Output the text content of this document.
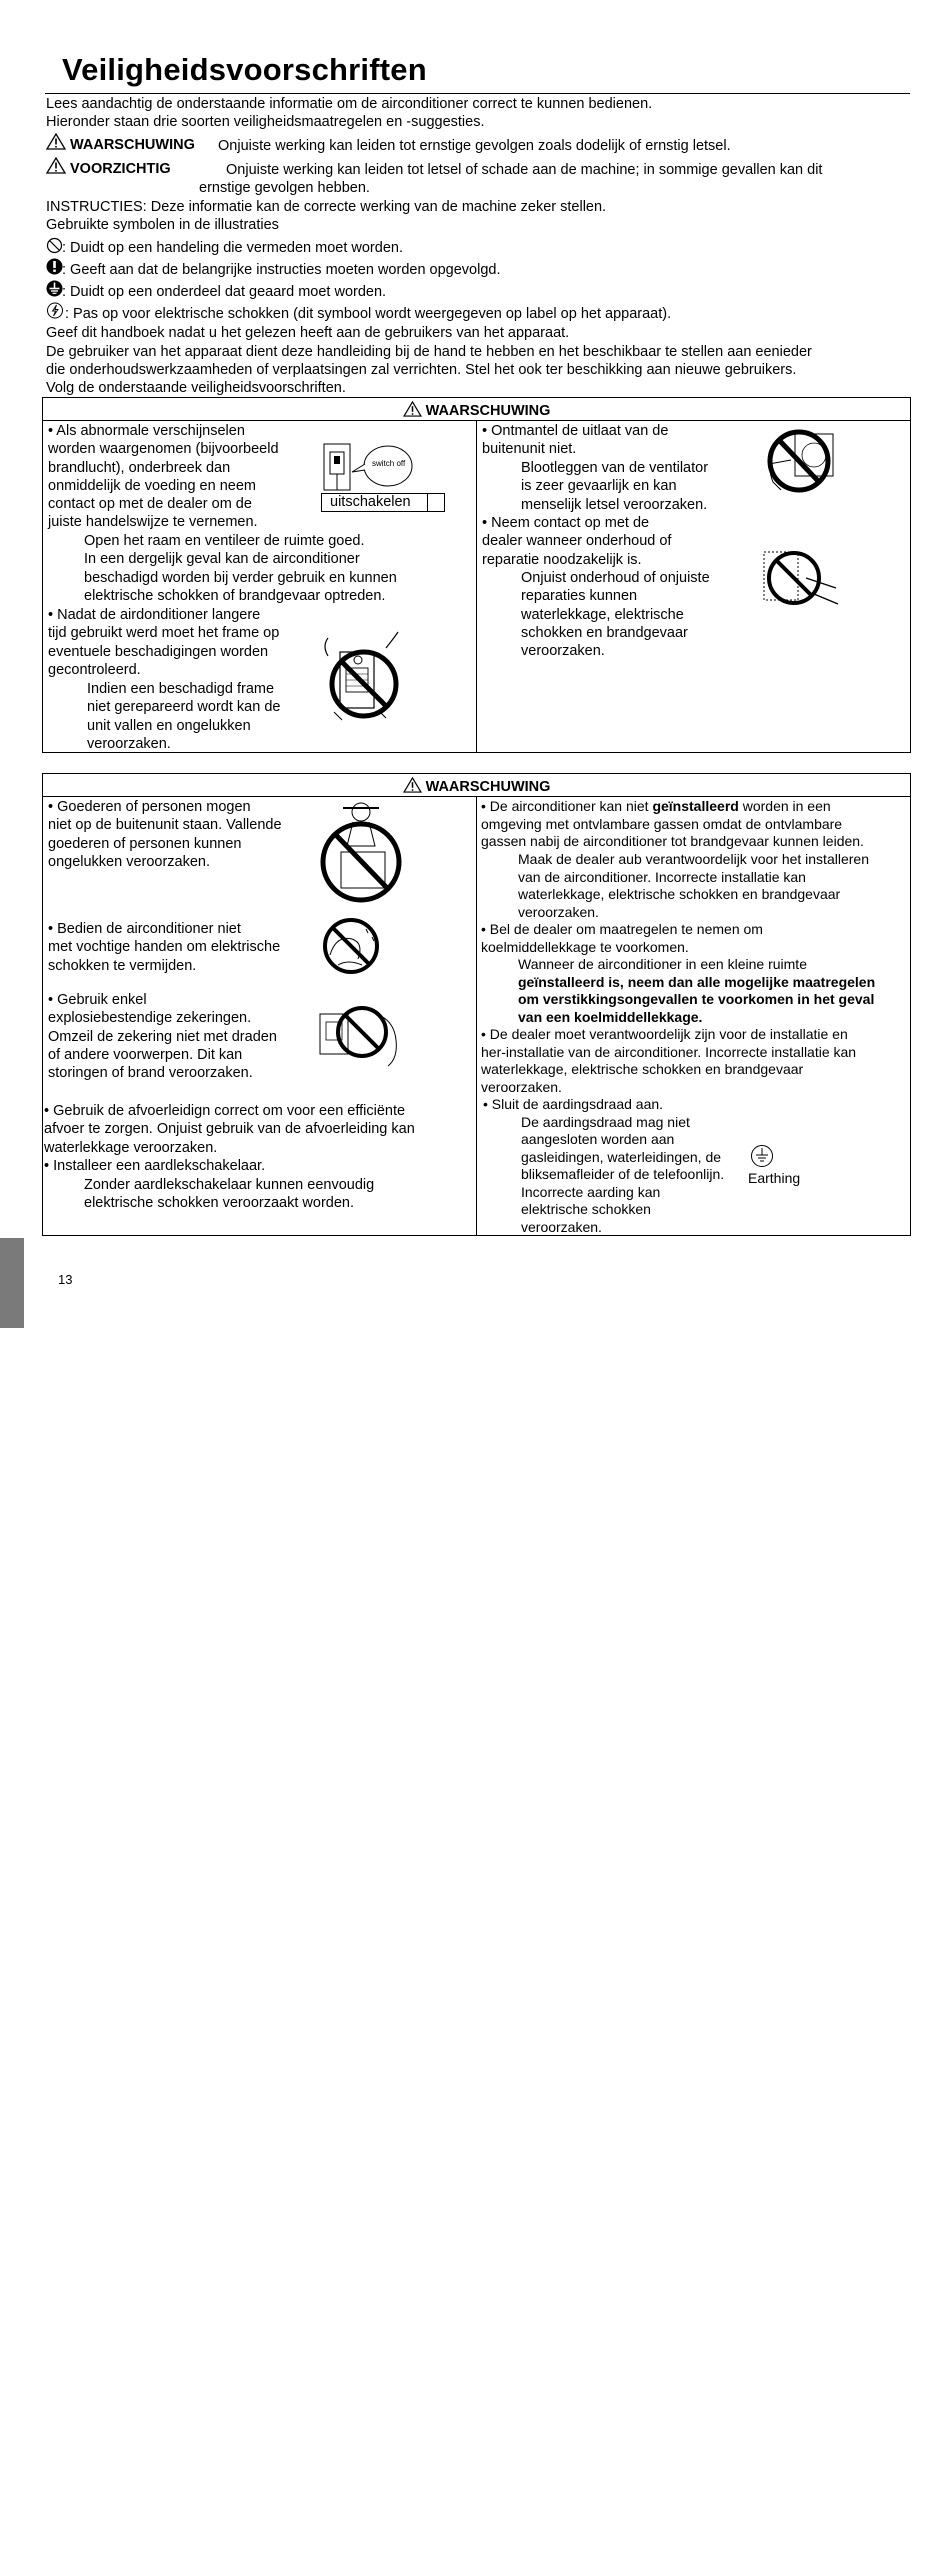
Veiligheidsvoorschriften
Lees aandachtig de onderstaande informatie om de airconditioner correct te kunnen bedienen.
Hieronder staan drie soorten veiligheidsmaatregelen en -suggesties.
WAARSCHUWING Onjuiste werking kan leiden tot ernstige gevolgen zoals dodelijk of ernstig letsel.
VOORZICHTIG	Onjuiste werking kan leiden tot letsel of schade aan de machine; in sommige gevallen kan dit
ernstige gevolgen hebben.
INSTRUCTIES: Deze informatie kan de correcte werking van de machine zeker stellen.
Gebruikte symbolen in de illustraties
: Duidt op een handeling die vermeden moet worden.
: Geeft aan dat de belangrijke instructies moeten worden opgevolgd.
: Duidt op een onderdeel dat geaard moet worden.
: Pas op voor elektrische schokken (dit symbool wordt weergegeven op label op het apparaat).
Geef dit handboek nadat u het gelezen heeft aan de gebruikers van het apparaat.
De gebruiker van het apparaat dient deze handleiding bij de hand te hebben en het beschikbaar te stellen aan eenieder
die onderhoudswerkzaamheden of verplaatsingen zal verrichten. Stel het ook ter beschikking aan nieuwe gebruikers.
Volg de onderstaande veiligheidsvoorschriften.
WAARSCHUWING
• Als abnormale verschijnselen
worden waargenomen (bijvoorbeeld
brandlucht), onderbreek dan
onmiddelijk de voeding en neem
contact op met de dealer om de
juiste handelswijze te vernemen.
Open het raam en ventileer de ruimte goed.
In een dergelijk geval kan de airconditioner
beschadigd worden bij verder gebruik en kunnen
elektrische schokken of brandgevaar optreden.
• Nadat de airdonditioner langere
tijd gebruikt werd moet het frame op
eventuele beschadigingen worden
gecontroleerd.
Indien een beschadigd frame
niet gerepareerd wordt kan de
unit vallen en ongelukken
veroorzaken.
switch off
uitschakelen
• Ontmantel de uitlaat van de
buitenunit niet.
Blootleggen van de ventilator
is zeer gevaarlijk en kan
menselijk letsel veroorzaken.
• Neem contact op met de
dealer wanneer onderhoud of
reparatie noodzakelijk is.
Onjuist onderhoud of onjuiste
reparaties kunnen
waterlekkage, elektrische
schokken en brandgevaar
veroorzaken.
WAARSCHUWING
• Goederen of personen mogen
niet op de buitenunit staan. Vallende
goederen of personen kunnen
ongelukken veroorzaken.
• Bedien de airconditioner niet
met vochtige handen om elektrische
schokken te vermijden.
• Gebruik enkel
explosiebestendige zekeringen.
Omzeil de zekering niet met draden
of andere voorwerpen. Dit kan
storingen of brand veroorzaken.
• Gebruik de afvoerleidign correct om voor een efficiënte
afvoer te zorgen. Onjuist gebruik van de afvoerleiding kan
waterlekkage veroorzaken.
• Installeer een aardlekschakelaar.
Zonder aardlekschakelaar kunnen eenvoudig
elektrische schokken veroorzaakt worden.
• De airconditioner kan niet geïnstalleerd worden in een
omgeving met ontvlambare gassen omdat de ontvlambare
gassen nabij de airconditioner tot brandgevaar kunnen leiden.
Maak de dealer aub verantwoordelijk voor het installeren
van de airconditioner. Incorrecte installatie kan
waterlekkage, elektrische schokken en brandgevaar
veroorzaken.
• Bel de dealer om maatregelen te nemen om
koelmiddellekkage te voorkomen.
Wanneer de airconditioner in een kleine ruimte
geïnstalleerd is, neem dan alle mogelijke maatregelen
om verstikkingsongevallen te voorkomen in het geval
van een koelmiddellekkage.
• De dealer moet verantwoordelijk zijn voor de installatie en
her-installatie van de airconditioner. Incorrecte installatie kan
waterlekkage, elektrische schokken en brandgevaar
veroorzaken.
• Sluit de aardingsdraad aan.
De aardingsdraad mag niet
aangesloten worden aan
gasleidingen, waterleidingen, de
bliksemafleider of de telefoonlijn.
Incorrecte aarding kan
elektrische schokken
veroorzaken.
Earthing
Nederlands
13
